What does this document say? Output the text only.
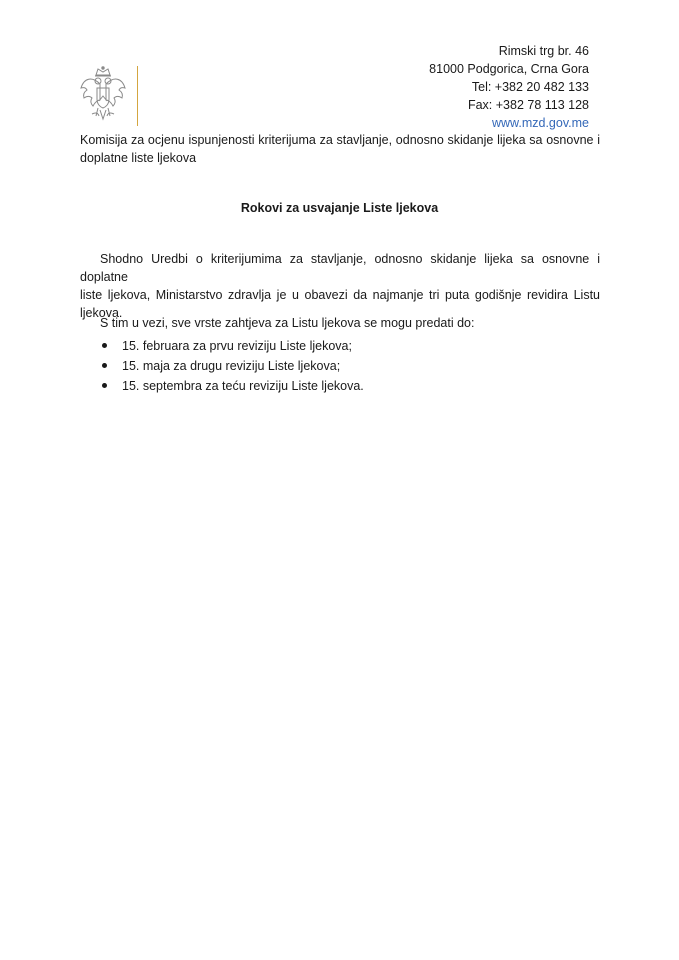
Rimski trg br. 46
81000 Podgorica, Crna Gora
Tel: +382 20 482 133
Fax: +382 78 113 128
www.mzd.gov.me
Komisija za ocjenu ispunjenosti kriterijuma za stavljanje, odnosno skidanje lijeka sa osnovne i
doplatne liste ljekova
Rokovi za usvajanje Liste ljekova
Shodno Uredbi o kriterijumima za stavljanje, odnosno skidanje lijeka sa osnovne i doplatne
liste ljekova, Ministarstvo zdravlja je u obavezi da najmanje tri puta godišnje revidira Listu
ljekova.
S tim u vezi, sve vrste zahtjeva za Listu ljekova se mogu predati do:
15. februara za prvu reviziju Liste ljekova;
15. maja za drugu reviziju Liste ljekova;
15. septembra za teću reviziju Liste ljekova.
